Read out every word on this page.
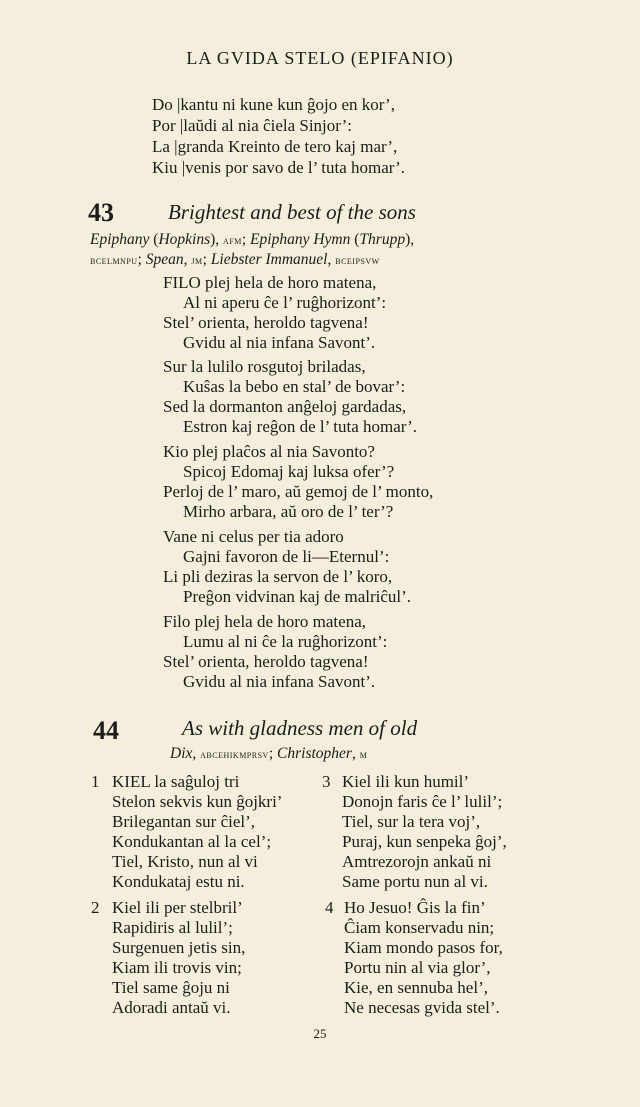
LA GVIDA STELO (EPIFANIO)
Do |kantu ni kune kun ĝojo en kor’,
Por |laŭdi al nia ĉiela Sinjor’:
La |granda Kreinto de tero kaj mar’,
Kiu |venis por savo de l’ tuta homar’.
43	Brightest and best of the sons
Epiphany (Hopkins), afm; Epiphany Hymn (Thrupp),
bcelmnpu; Spean, jm; Liebster Immanuel, bceipsvw
FILO plej hela de horo matena,
Al ni aperu ĉe l’ ruĝhorizont’:
Stel’ orienta, heroldo tagvena!
Gvidu al nia infana Savont’.
Sur la lulilo rosgutoj briladas,
Kuŝas la bebo en stal’ de bovar’:
Sed la dormanton anĝeloj gardadas,
Estron kaj reĝon de l’ tuta homar’.
Kio plej plaĉos al nia Savonto?
Spicoj Edomaj kaj luksa ofer’?
Perloj de l’ maro, aŭ gemoj de l’ monto,
Mirho arbara, aŭ oro de l’ ter’?
Vane ni celus per tia adoro
Gajni favoron de li—Eternul’:
Li pli deziras la servon de l’ koro,
Preĝon vidvinan kaj de malriĉul’.
Filo plej hela de horo matena,
Lumu al ni ĉe la ruĝhorizont’:
Stel’ orienta, heroldo tagvena!
Gvidu al nia infana Savont’.
44	As with gladness men of old
Dix, abcehikmprsv; Christopher, m
1 KIEL la saĝuloj tri
Stelon sekvis kun ĝojkri’
Brilegantan sur ĉiel’,
Kondukantan al la cel’;
Tiel, Kristo, nun al vi
Kondukataj estu ni.
3 Kiel ili kun humil’
Donojn faris ĉe l’ lulil’;
Tiel, sur la tera voj’,
Puraj, kun senpeka ĝoj’,
Amtrezorojn ankaŭ ni
Same portu nun al vi.
2 Kiel ili per stelbril’
Rapidiris al lulil’;
Surgenuen jetis sin,
Kiam ili trovis vin;
Tiel same ĝoju ni
Adoradi antaŭ vi.
4 Ho Jesuo! Ĝis la fin’
Ĉiam konservadu nin;
Kiam mondo pasos for,
Portu nin al via glor’,
Kie, en sennuba hel’,
Ne necesas gvida stel’.
25
